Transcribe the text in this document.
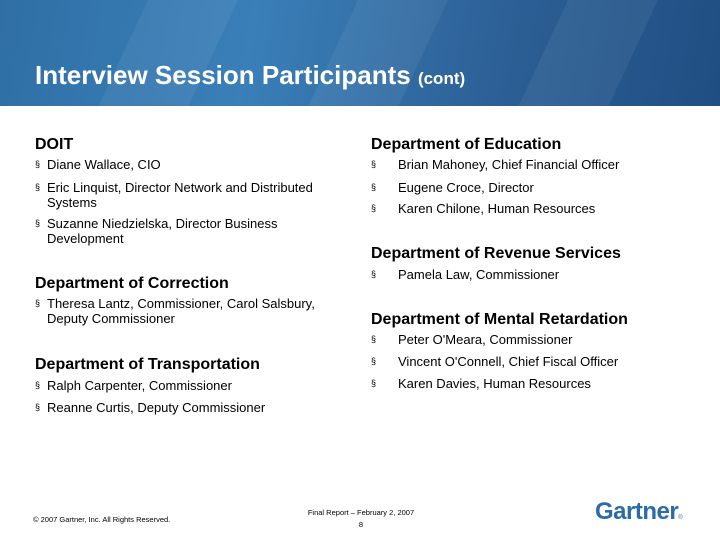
Interview Session Participants (cont)
DOIT
§ Diane Wallace, CIO
§ Eric Linquist, Director Network and Distributed Systems
§ Suzanne Niedzielska, Director Business Development
Department of Correction
§ Theresa Lantz, Commissioner, Carol Salsbury, Deputy Commissioner
Department of Transportation
§ Ralph Carpenter, Commissioner
§ Reanne Curtis, Deputy Commissioner
Department of Education
§ Brian Mahoney, Chief Financial Officer
§ Eugene Croce, Director
§ Karen Chilone, Human Resources
Department of Revenue Services
§ Pamela Law, Commissioner
Department of Mental Retardation
§ Peter O'Meara, Commissioner
§ Vincent O'Connell, Chief Fiscal Officer
§ Karen Davies, Human Resources
© 2007 Gartner, Inc. All Rights Reserved.
Final Report – February 2, 2007
8	Gartner®
